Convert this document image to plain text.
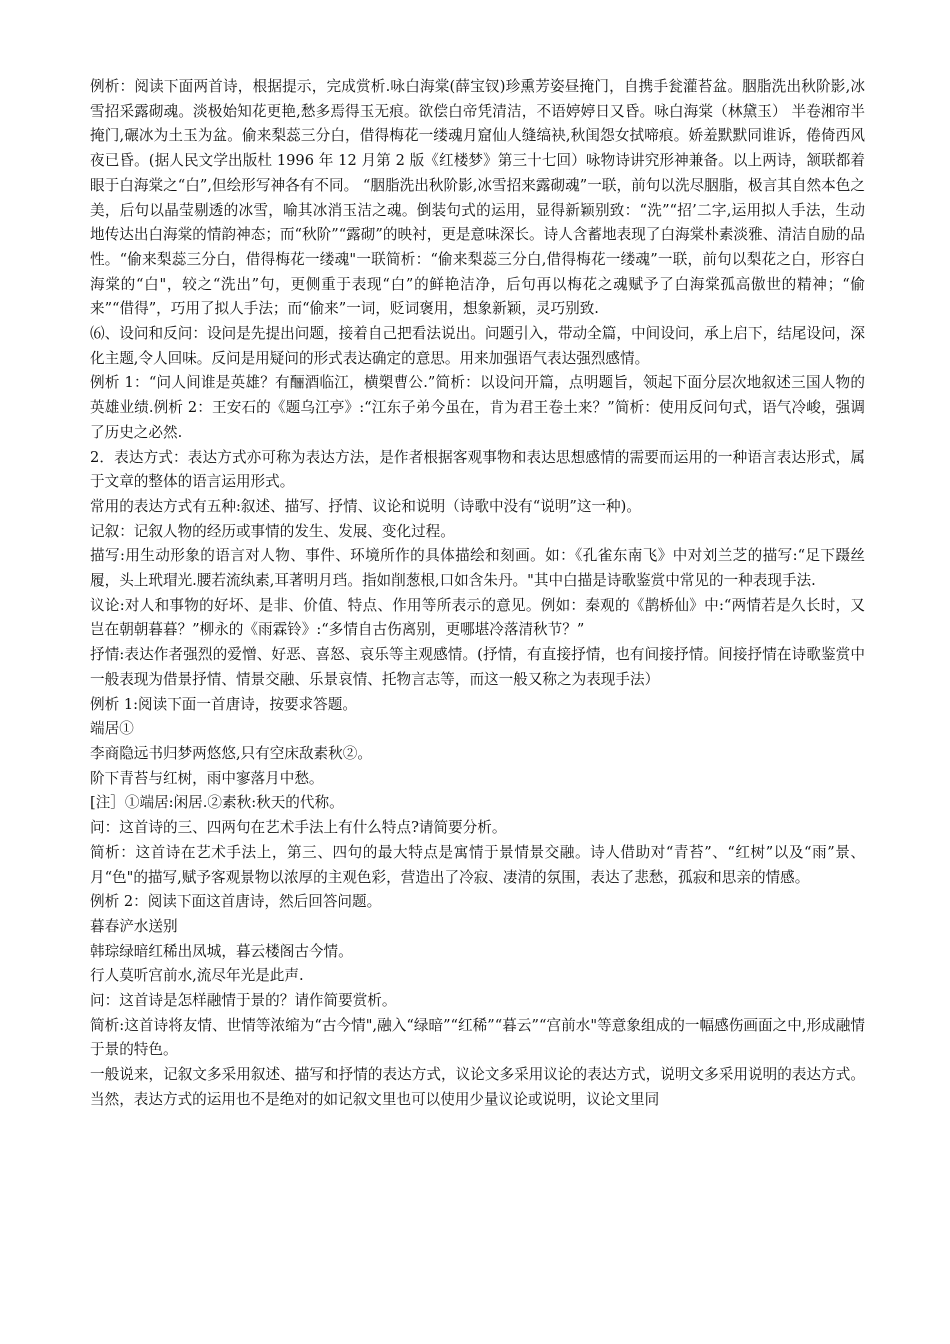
例析：阅读下面两首诗，根据提示，完成赏析.咏白海棠(薛宝钗)珍熏芳姿昼掩门，自携手瓮灌苔盆。胭脂洗出秋阶影,冰雪招采露砌魂。淡极始知花更艳,愁多焉得玉无痕。欲偿白帝凭清洁，不语婷婷日又昏。咏白海棠（林黛玉） 半卷湘帘半掩门,碾冰为土玉为盆。偷来梨蕊三分白，借得梅花一缕魂月窟仙人缝缟袂,秋闺怨女拭啼痕。娇羞默默同谁诉，倦倚西风夜已昏。(据人民文学出版杜 1996 年 12 月第 2 版《红楼梦》第三十七回）咏物诗讲究形神兼备。以上两诗，颔联都着眼于白海棠之“白”,但绘形写神各有不同。 “胭脂洗出秋阶影,冰雪招来露砌魂”一联，前句以洗尽胭脂，极言其自然本色之美，后句以晶莹剔透的冰雪，喻其冰消玉洁之魂。倒装句式的运用，显得新颖别致：“洗”“招’二字,运用拟人手法，生动地传达出白海棠的情韵神态；而“秋阶”“露砌”的映衬，更是意味深长。诗人含蓄地表现了白海棠朴素淡雅、清洁自励的品性。“偷来梨蕊三分白，借得梅花一缕魂"一联简析：“偷来梨蕊三分白,借得梅花一缕魂”一联，前句以梨花之白，形容白海棠的“白"，较之“洗出”句，更侧重于表现“白”的鲜艳洁净，后句再以梅花之魂赋予了白海棠孤高傲世的精神；“偷来”“借得”，巧用了拟人手法；而“偷来”一词，贬词褒用，想象新颖，灵巧别致.

⑹、设问和反问：设问是先提出问题，接着自己把看法说出。问题引入，带动全篇，中间设问，承上启下，结尾设问，深化主题,令人回味。反问是用疑问的形式表达确定的意思。用来加强语气表达强烈感情。

例析 1：“问人间谁是英雄？有酾酒临江，横槊曹公.”简析：以设问开篇，点明题旨，领起下面分层次地叙述三国人物的英雄业绩.例析 2：王安石的《题乌江亭》:“江东子弟今虽在，肯为君王卷土来？”简析：使用反问句式，语气冷峻，强调了历史之必然.

2．表达方式：表达方式亦可称为表达方法，是作者根据客观事物和表达思想感情的需要而运用的一种语言表达形式，属于文章的整体的语言运用形式。

常用的表达方式有五种:叙述、描写、抒情、议论和说明（诗歌中没有“说明”这一种)。

记叙：记叙人物的经历或事情的发生、发展、变化过程。

描写:用生动形象的语言对人物、事件、环境所作的具体描绘和刻画。如：《孔雀东南飞》中对刘兰芝的描写:“足下蹑丝履，头上玳瑁光.腰若流纨素,耳著明月珰。指如削葱根,口如含朱丹。"其中白描是诗歌鉴赏中常见的一种表现手法.

议论:对人和事物的好坏、是非、价值、特点、作用等所表示的意见。例如：秦观的《鹊桥仙》中:“两情若是久长时，又岂在朝朝暮暮？”柳永的《雨霖铃》:“多情自古伤离别，更哪堪冷落清秋节？”

抒情:表达作者强烈的爱憎、好恶、喜怒、哀乐等主观感情。(抒情，有直接抒情，也有间接抒情。间接抒情在诗歌鉴赏中一般表现为借景抒情、情景交融、乐景哀情、托物言志等，而这一般又称之为表现手法）

例析 1:阅读下面一首唐诗，按要求答题。

端居①

李商隐远书归梦两悠悠,只有空床敌素秋②。

阶下青苔与红树，雨中寥落月中愁。

[注］①端居:闲居.②素秋:秋天的代称。

问：这首诗的三、四两句在艺术手法上有什么特点?请简要分析。

简析：这首诗在艺术手法上，第三、四句的最大特点是寓情于景情景交融。诗人借助对“青苔”、“红树”以及“雨”景、月“色"的描写,赋予客观景物以浓厚的主观色彩，营造出了冷寂、凄清的氛围，表达了悲愁，孤寂和思亲的情感。

例析 2：阅读下面这首唐诗，然后回答问题。

暮春浐水送别

韩琮绿暗红稀出凤城，暮云楼阁古今情。

行人莫听宫前水,流尽年光是此声.

问：这首诗是怎样融情于景的？请作简要赏析。

简析:这首诗将友情、世情等浓缩为“古今情",融入“绿暗”“红稀”“暮云”“宫前水"等意象组成的一幅感伤画面之中,形成融情于景的特色。

一般说来，记叙文多采用叙述、描写和抒情的表达方式，议论文多采用议论的表达方式，说明文多采用说明的表达方式。当然，表达方式的运用也不是绝对的如记叙文里也可以使用少量议论或说明，议论文里同
